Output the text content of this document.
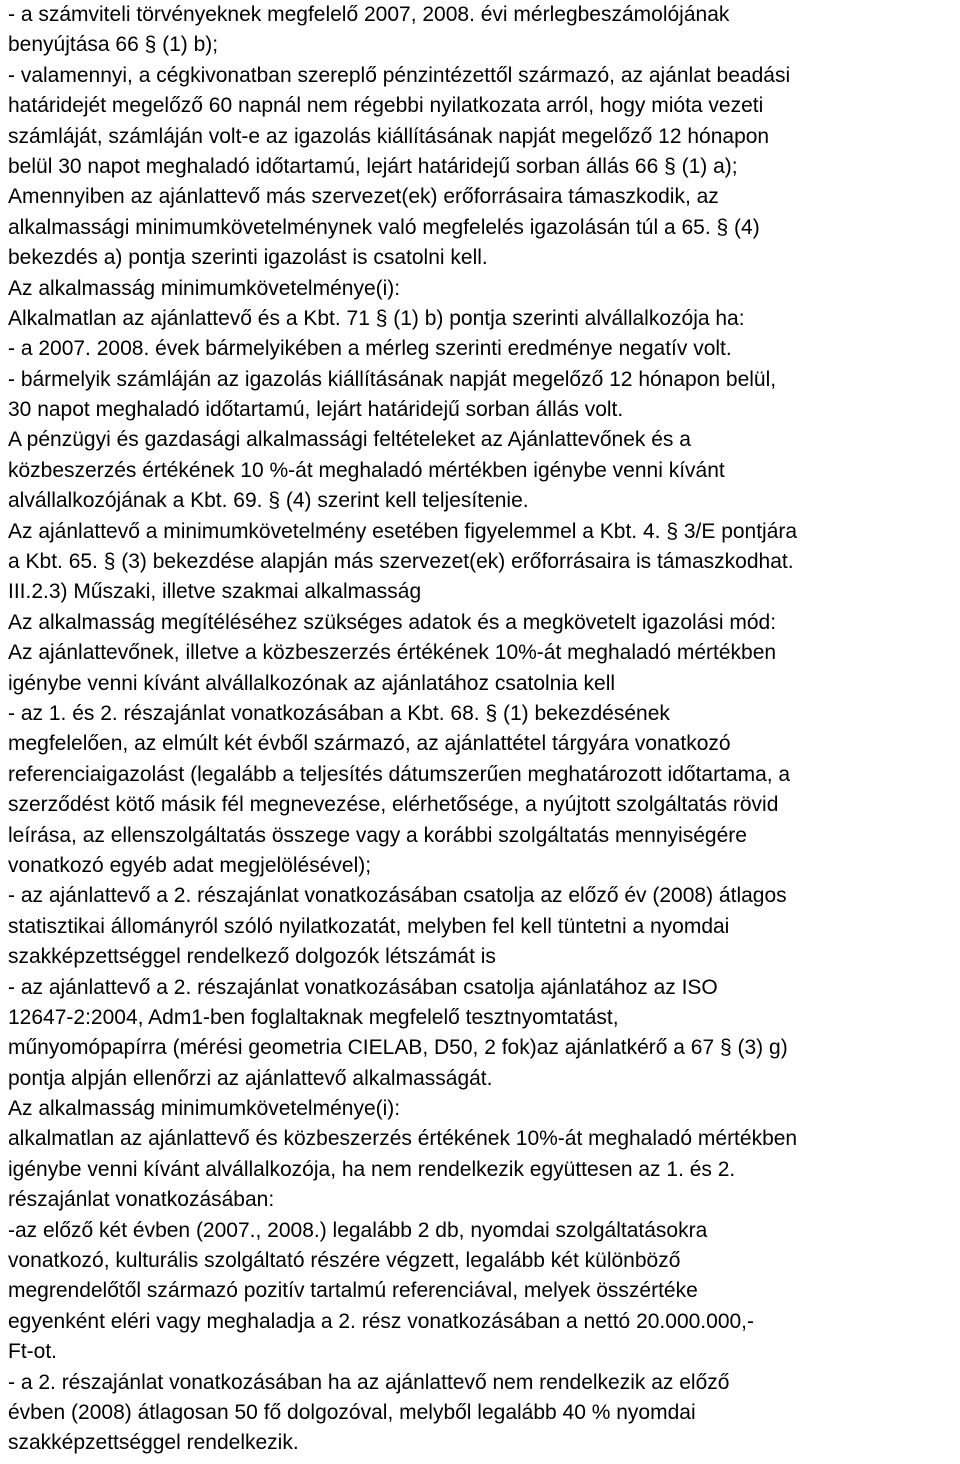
- a számviteli törvényeknek megfelelő 2007, 2008. évi mérlegbeszámolójának
benyújtása 66 § (1) b);
- valamennyi, a cégkivonatban szereplő pénzintézettől származó, az ajánlat beadási
határidejét megelőző 60 napnál nem régebbi nyilatkozata arról, hogy mióta vezeti
számláját, számláján volt-e az igazolás kiállításának napját megelőző 12 hónapon
belül 30 napot meghaladó időtartamú, lejárt határidejű sorban állás 66 § (1) a);
Amennyiben az ajánlattevő más szervezet(ek) erőforrásaira támaszkodik, az
alkalmassági minimumkövetelménynek való megfelelés igazolásán túl a 65. § (4)
bekezdés a) pontja szerinti igazolást is csatolni kell.
Az alkalmasság minimumkövetelménye(i):
Alkalmatlan az ajánlattevő és a Kbt. 71 § (1) b) pontja szerinti alvállalkozója ha:
- a 2007. 2008. évek bármelyikében a mérleg szerinti eredménye negatív volt.
- bármelyik számláján az igazolás kiállításának napját megelőző 12 hónapon belül,
30 napot meghaladó időtartamú, lejárt határidejű sorban állás volt.
A pénzügyi és gazdasági alkalmassági feltételeket az Ajánlattevőnek és a
közbeszerzés értékének 10 %-át meghaladó mértékben igénybe venni kívánt
alvállalkozójának a Kbt. 69. § (4) szerint kell teljesítenie.
Az ajánlattevő a minimumkövetelmény esetében figyelemmel a Kbt. 4. § 3/E pontjára
a Kbt. 65. § (3) bekezdése alapján más szervezet(ek) erőforrásaira is támaszkodhat.
III.2.3) Műszaki, illetve szakmai alkalmasság
Az alkalmasság megítéléséhez szükséges adatok és a megkövetelt igazolási mód:
Az ajánlattevőnek, illetve a közbeszerzés értékének 10%-át meghaladó mértékben
igénybe venni kívánt alvállalkozónak az ajánlatához csatolnia kell
- az 1. és 2. részajánlat vonatkozásában a Kbt. 68. § (1) bekezdésének
megfelelően, az elmúlt két évből származó, az ajánlattétel tárgyára vonatkozó
referenciaigazolást (legalább a teljesítés dátumszerűen meghatározott időtartama, a
szerződést kötő másik fél megnevezése, elérhetősége, a nyújtott szolgáltatás rövid
leírása, az ellenszolgáltatás összege vagy a korábbi szolgáltatás mennyiségére
vonatkozó egyéb adat megjelölésével);
- az ajánlattevő a 2. részajánlat vonatkozásában csatolja az előző év (2008) átlagos
statisztikai állományról szóló nyilatkozatát, melyben fel kell tüntetni a nyomdai
szakképzettséggel rendelkező dolgozók létszámát is
- az ajánlattevő a 2. részajánlat vonatkozásában csatolja ajánlatához az ISO
12647-2:2004, Adm1-ben foglaltaknak megfelelő tesztnyomtatást,
műnyomópapírra (mérési geometria CIELAB, D50, 2 fok)az ajánlatkérő a 67 § (3) g)
pontja alpján ellenőrzi az ajánlattevő alkalmasságát.
Az alkalmasság minimumkövetelménye(i):
alkalmatlan az ajánlattevő és közbeszerzés értékének 10%-át meghaladó mértékben
igénybe venni kívánt alvállalkozója, ha nem rendelkezik együttesen az 1. és 2.
részajánlat vonatkozásában:
-az előző két évben (2007., 2008.) legalább 2 db, nyomdai szolgáltatásokra
vonatkozó, kulturális szolgáltató részére végzett, legalább két különböző
megrendelőtől származó pozitív tartalmú referenciával, melyek összértéke
egyenként eléri vagy meghaladja a 2. rész vonatkozásában a nettó 20.000.000,-
Ft-ot.
- a 2. részajánlat vonatkozásában ha az ajánlattevő nem rendelkezik az előző
évben (2008) átlagosan 50 fő dolgozóval, melyből legalább 40 % nyomdai
szakképzettséggel rendelkezik.
